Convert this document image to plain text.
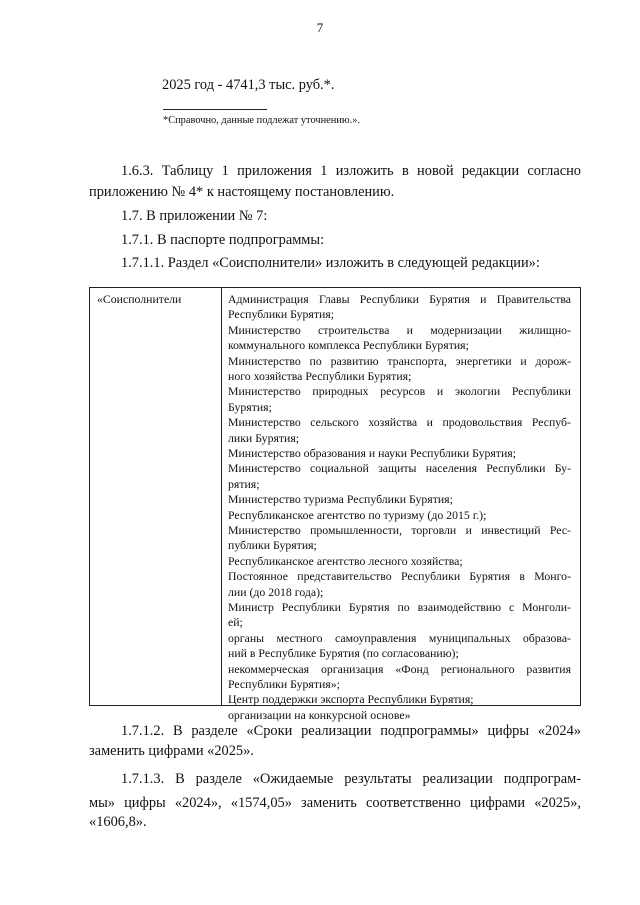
7
2025 год - 4741,3 тыс. руб.*.
*Справочно, данные подлежат уточнению.».
1.6.3. Таблицу 1 приложения 1 изложить в новой редакции согласно
приложению № 4* к настоящему постановлению.
1.7. В приложении № 7:
1.7.1. В паспорте подпрограммы:
1.7.1.1. Раздел «Соисполнители» изложить в следующей редакции»:
«Соисполнители	Администрация Главы Республики Бурятия и Правительства
Республики Бурятия;
Министерство строительства и модернизации жилищно-
коммунального комплекса Республики Бурятия;
Министерство по развитию транспорта, энергетики и дорож-
ного хозяйства Республики Бурятия;
Министерство природных ресурсов и экологии Республики
Бурятия;
Министерство сельского хозяйства и продовольствия Респуб-
лики Бурятия;
Министерство образования и науки Республики Бурятия;
Министерство социальной защиты населения Республики Бу-
рятия;
Министерство туризма Республики Бурятия;
Республиканское агентство по туризму (до 2015 г.);
Министерство промышленности, торговли и инвестиций Рес-
публики Бурятия;
Республиканское агентство лесного хозяйства;
Постоянное представительство Республики Бурятия в Монго-
лии (до 2018 года);
Министр Республики Бурятия по взаимодействию с Монголи-
ей;
органы местного самоуправления муниципальных образова-
ний в Республике Бурятия (по согласованию);
некоммерческая организация «Фонд регионального развития
Республики Бурятия»;
Центр поддержки экспорта Республики Бурятия;
организации на конкурсной основе»
1.7.1.2. В разделе «Сроки реализации подпрограммы» цифры «2024»
заменить цифрами «2025».
1.7.1.3. В разделе «Ожидаемые результаты реализации подпрограм-
мы» цифры «2024», «1574,05» заменить соответственно цифрами «2025»,
«1606,8».
